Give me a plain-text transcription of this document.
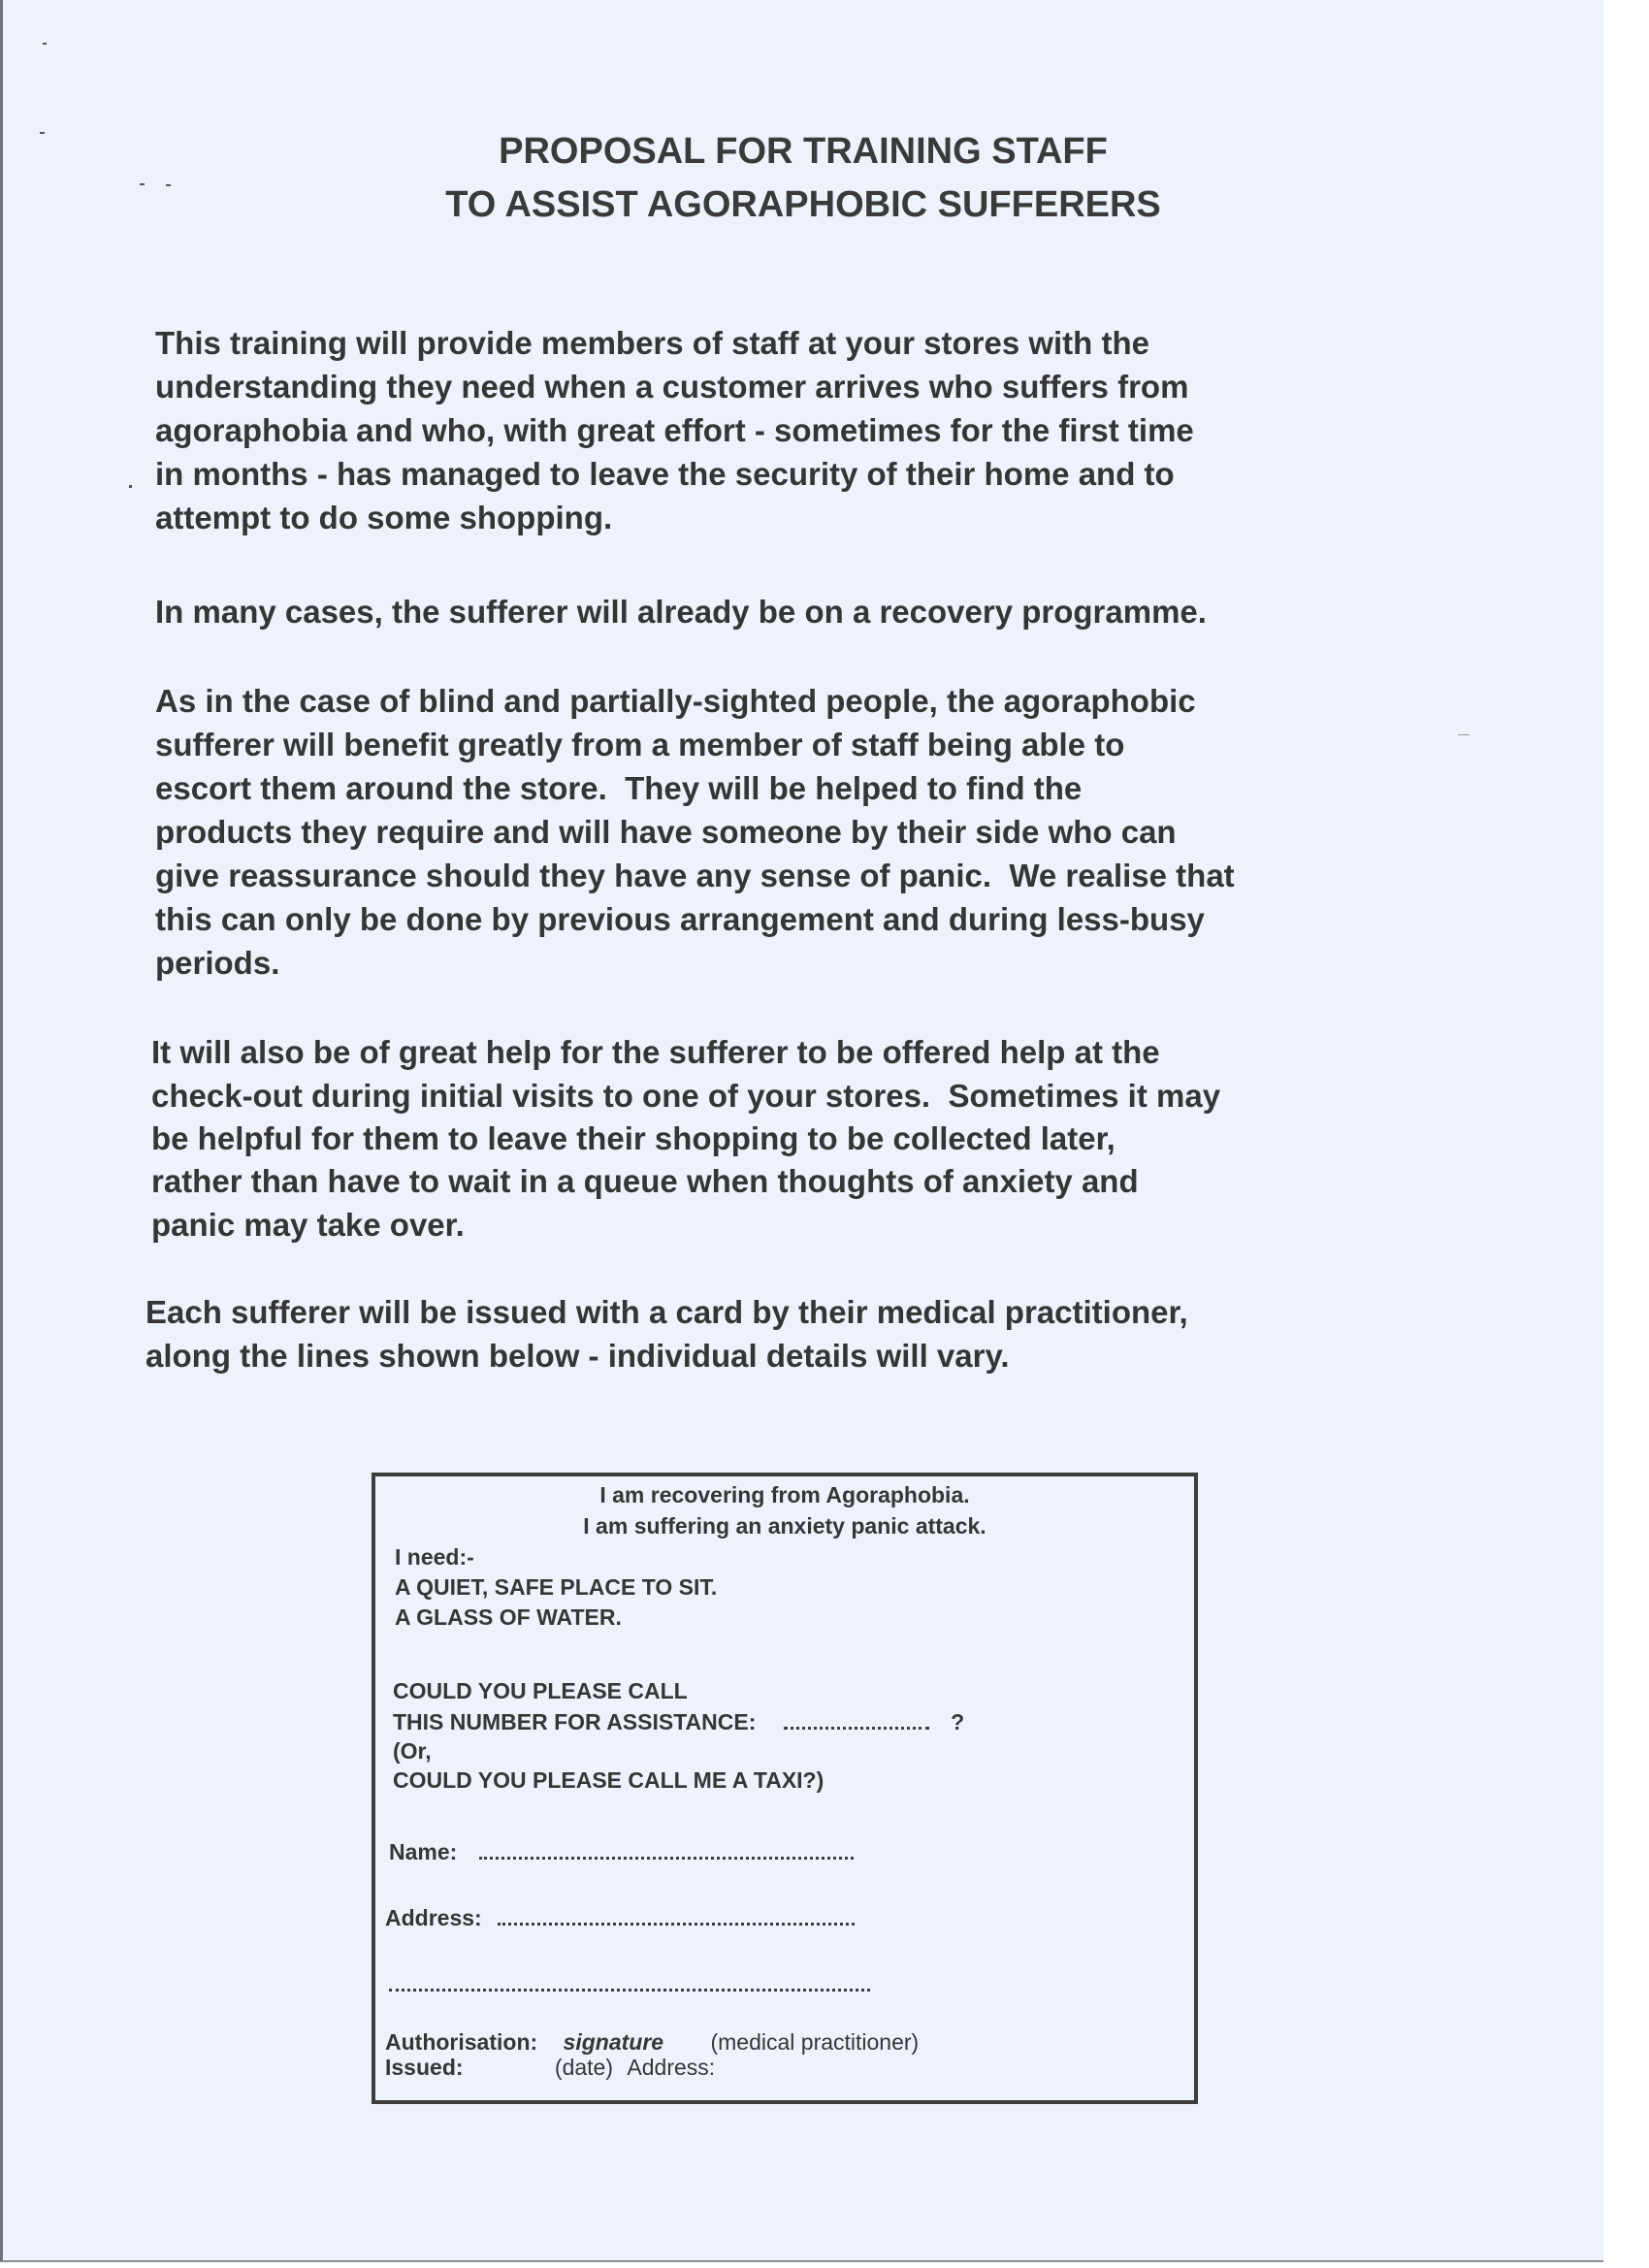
PROPOSAL FOR TRAINING STAFF
TO ASSIST AGORAPHOBIC SUFFERERS
This training will provide members of staff at your stores with the
understanding they need when a customer arrives who suffers from
agoraphobia and who, with great effort - sometimes for the first time
in months - has managed to leave the security of their home and to
attempt to do some shopping.
In many cases, the sufferer will already be on a recovery programme.
As in the case of blind and partially-sighted people, the agoraphobic
sufferer will benefit greatly from a member of staff being able to
escort them around the store.  They will be helped to find the
products they require and will have someone by their side who can
give reassurance should they have any sense of panic.  We realise that
this can only be done by previous arrangement and during less-busy
periods.
It will also be of great help for the sufferer to be offered help at the
check-out during initial visits to one of your stores.  Sometimes it may
be helpful for them to leave their shopping to be collected later,
rather than have to wait in a queue when thoughts of anxiety and
panic may take over.
Each sufferer will be issued with a card by their medical practitioner,
along the lines shown below - individual details will vary.
I am recovering from Agoraphobia.
I am suffering an anxiety panic attack.
I need:-
A QUIET, SAFE PLACE TO SIT.
A GLASS OF WATER.
COULD YOU PLEASE CALL
THIS NUMBER FOR ASSISTANCE:	?
(Or,
COULD YOU PLEASE CALL ME A TAXI?)
Name:
Address:
Authorisation: signature (medical practitioner)
Issued:	(date) Address:
